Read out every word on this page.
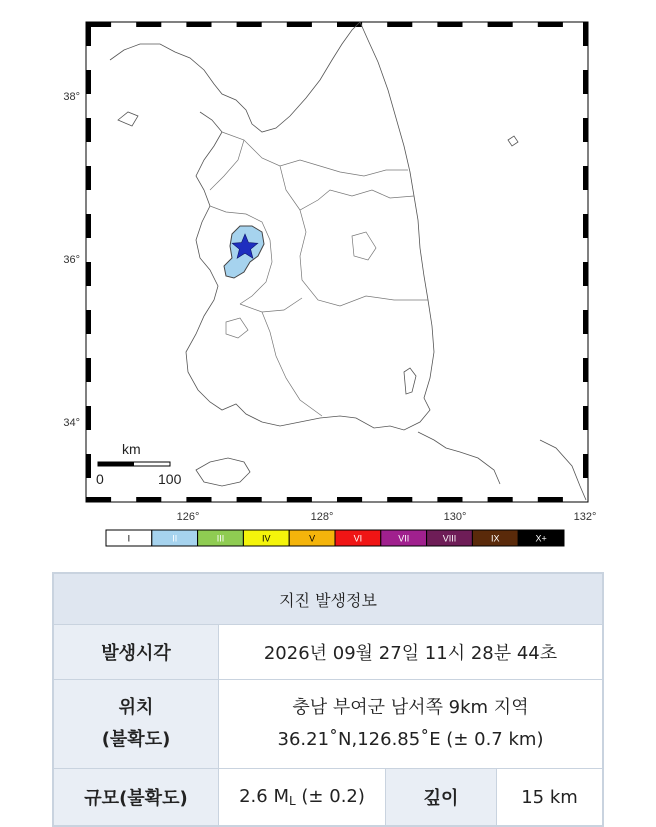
38°
36°
34°
126°	128°	130°	132°
km
0	100
I	II	III	IV	V	VI	VII	VIII	IX	X+
지진 발생정보			
발생시각	2026년 09월 27일 11시 28분 44초		
위치
(불확도)	충남 부여군 남서쪽 9km 지역
36.21˚N,126.85˚E (± 0.7 km)		
규모(불확도)	2.6 $M_L$ (± 0.2)	깊이	15 km
